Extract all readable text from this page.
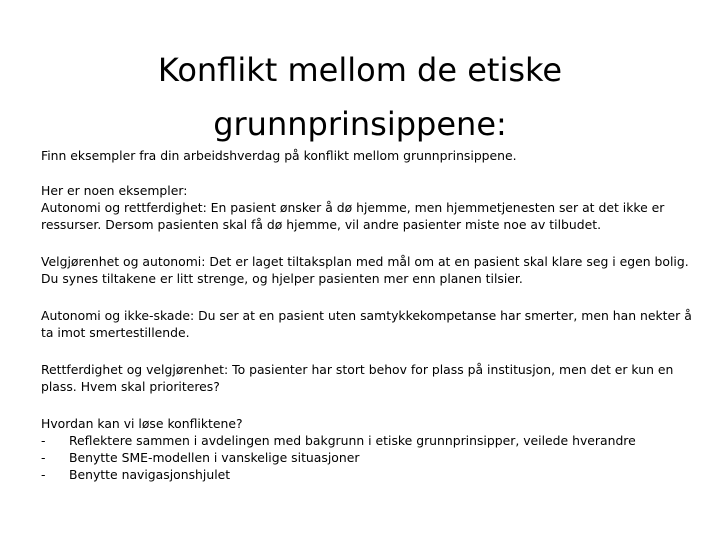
Konflikt mellom de etiske
grunnprinsippene:

Finn eksempler fra din arbeidshverdag på konflikt mellom grunnprinsippene.

Her er noen eksempler:

Autonomi og rettferdighet: En pasient ønsker å dø hjemme, men hjemmetjenesten ser at det ikke er

ressurser. Dersom pasienten skal få dø hjemme, vil andre pasienter miste noe av tilbudet.

Velgjørenhet og autonomi: Det er laget tiltaksplan med mål om at en pasient skal klare seg i egen bolig.

Du synes tiltakene er litt strenge, og hjelper pasienten mer enn planen tilsier.

Autonomi og ikke-skade: Du ser at en pasient uten samtykkekompetanse har smerter, men han nekter å

ta imot smertestillende.

Rettferdighet og velgjørenhet: To pasienter har stort behov for plass på institusjon, men det er kun en

plass. Hvem skal prioriteres?

Hvordan kan vi løse konfliktene?

- Reflektere sammen i avdelingen med bakgrunn i etiske grunnprinsipper, veilede hverandre
- Benytte SME-modellen i vanskelige situasjoner
- Benytte navigasjonshjulet
